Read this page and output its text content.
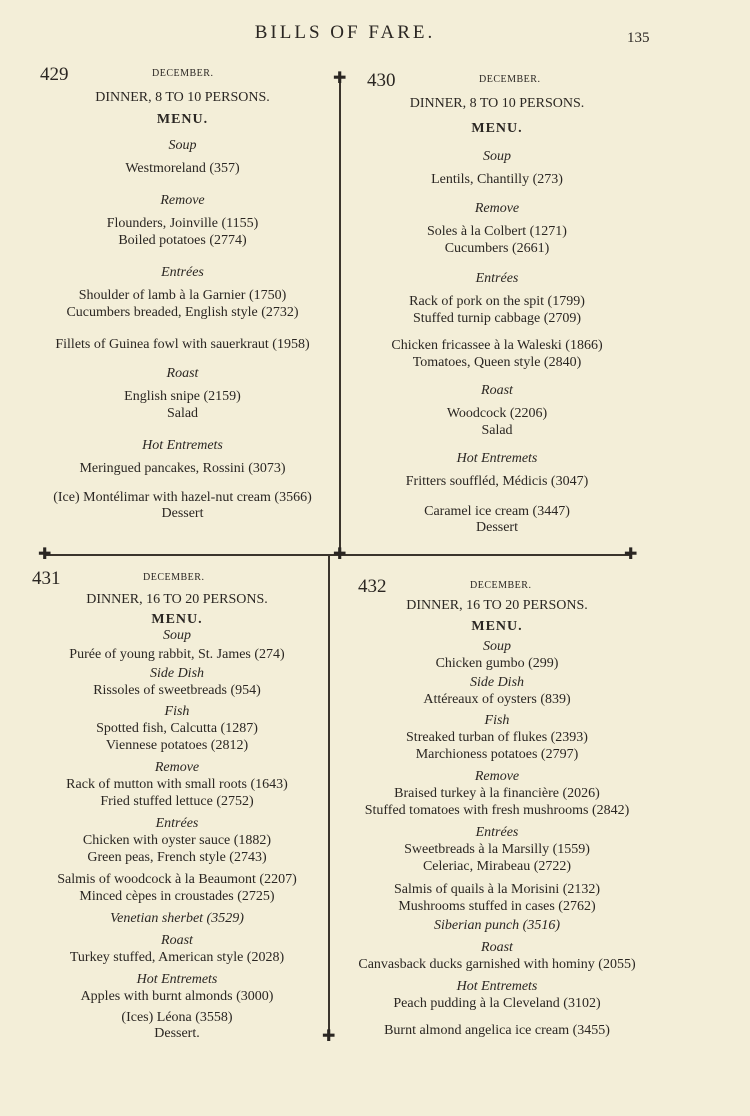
BILLS OF FARE.	135
✚
✚	✚	✚
✚
429	DECEMBER.
DINNER, 8 TO 10 PERSONS.
MENU.
Soup
Westmoreland (357)
Remove
Flounders, Joinville (1155)
Boiled potatoes (2774)
Entrées
Shoulder of lamb à la Garnier (1750)
Cucumbers breaded, English style (2732)
Fillets of Guinea fowl with sauerkraut (1958)
Roast
English snipe (2159)
Salad
Hot Entremets
Meringued pancakes, Rossini (3073)
(Ice) Montélimar with hazel-nut cream (3566)
Dessert
430	DECEMBER.
DINNER, 8 TO 10 PERSONS.
MENU.
Soup
Lentils, Chantilly (273)
Remove
Soles à la Colbert (1271)
Cucumbers (2661)
Entrées
Rack of pork on the spit (1799)
Stuffed turnip cabbage (2709)
Chicken fricassee à la Waleski (1866)
Tomatoes, Queen style (2840)
Roast
Woodcock (2206)
Salad
Hot Entremets
Fritters souffléd, Médicis (3047)
Caramel ice cream (3447)
Dessert
431	DECEMBER.
DINNER, 16 TO 20 PERSONS.
MENU.
Soup
Purée of young rabbit, St. James (274)
Side Dish
Rissoles of sweetbreads (954)
Fish
Spotted fish, Calcutta (1287)
Viennese potatoes (2812)
Remove
Rack of mutton with small roots (1643)
Fried stuffed lettuce (2752)
Entrées
Chicken with oyster sauce (1882)
Green peas, French style (2743)
Salmis of woodcock à la Beaumont (2207)
Minced cèpes in croustades (2725)
Venetian sherbet (3529)
Roast
Turkey stuffed, American style (2028)
Hot Entremets
Apples with burnt almonds (3000)
(Ices) Léona (3558)
Dessert.
432	DECEMBER.
DINNER, 16 TO 20 PERSONS.
MENU.
Soup
Chicken gumbo (299)
Side Dish
Attéreaux of oysters (839)
Fish
Streaked turban of flukes (2393)
Marchioness potatoes (2797)
Remove
Braised turkey à la financière (2026)
Stuffed tomatoes with fresh mushrooms (2842)
Entrées
Sweetbreads à la Marsilly (1559)
Celeriac, Mirabeau (2722)
Salmis of quails à la Morisini (2132)
Mushrooms stuffed in cases (2762)
Siberian punch (3516)
Roast
Canvasback ducks garnished with hominy (2055)
Hot Entremets
Peach pudding à la Cleveland (3102)
Burnt almond angelica ice cream (3455)
